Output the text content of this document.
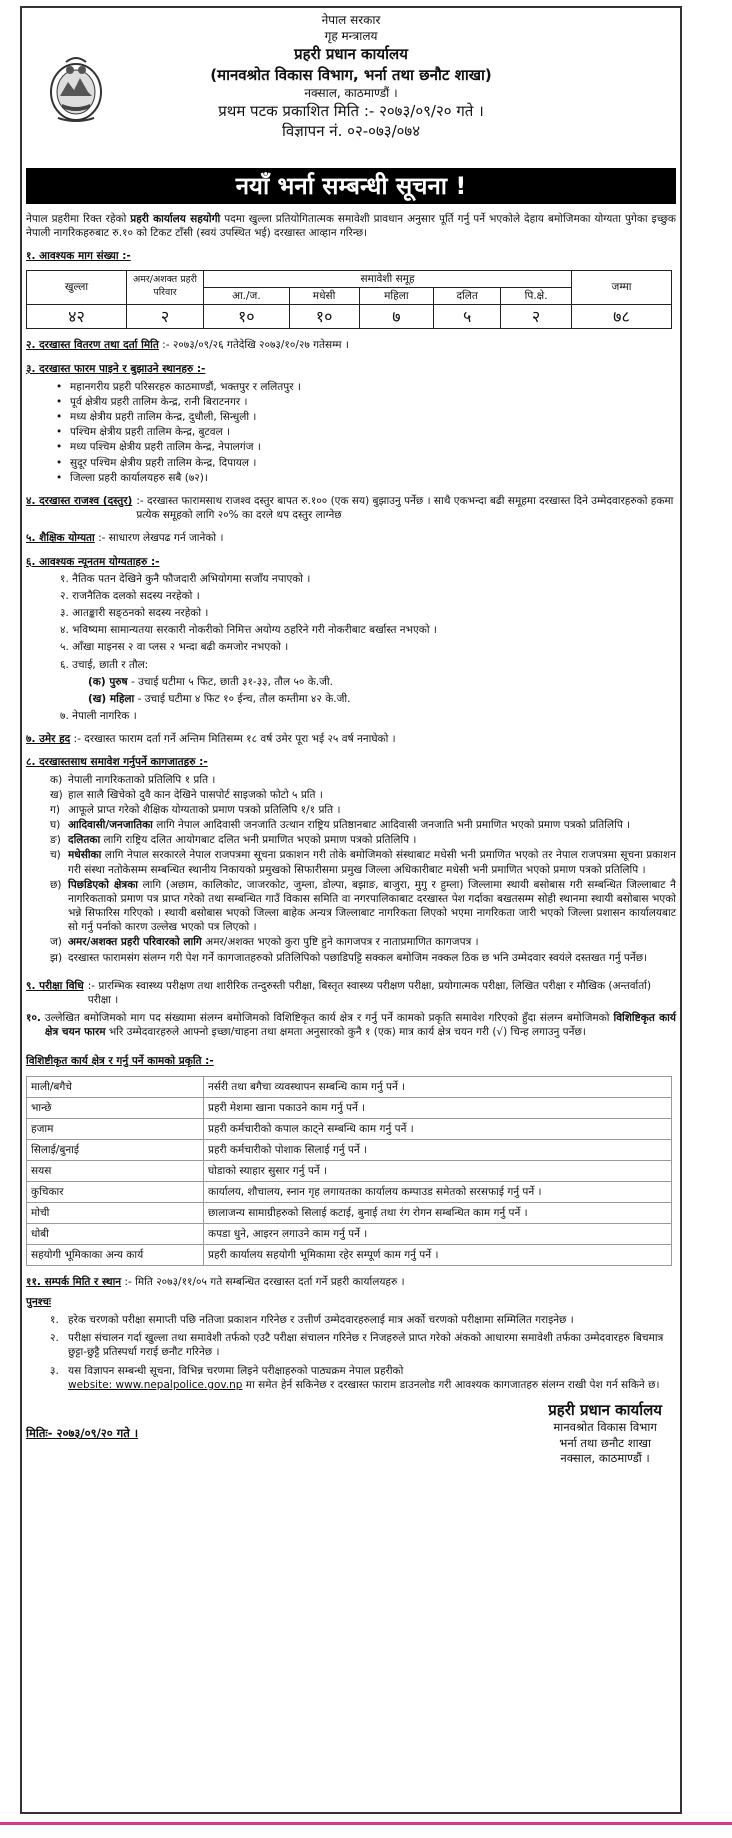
नेपाल सरकार
गृह मन्त्रालय
प्रहरी प्रधान कार्यालय
(मानवश्रोत विकास विभाग, भर्ना तथा छनौट शाखा)
नक्साल, काठमाण्डौं ।
प्रथम पटक प्रकाशित मिति :- २०७३/०९/२० गते ।
विज्ञापन नं. ०२-०७३/०७४
नयाँ भर्ना सम्बन्धी सूचना !
नेपाल प्रहरीमा रिक्त रहेको प्रहरी कार्यालय सहयोगी पदमा खुल्ला प्रतियोगितात्मक समावेशी प्रावधान अनुसार पूर्ति गर्नु पर्ने भएकोले देहाय बमोजिमका योग्यता पुगेका इच्छुक नेपाली नागरिकहरुबाट रु.१० को टिकट टाँसी (स्वयं उपस्थित भई) दरखास्त आव्हान गरिन्छ।
१. आवश्यक माग संख्या :-
खुल्ला	अमर/अशक्त प्रहरी परिवार	समावेशी समूह					जम्मा
		आ./ज.	मधेसी	महिला	दलित	पि.क्षे.	
४२	२	१०	१०	७	५	२	७८
२. दरखास्त वितरण तथा दर्ता मिति :- २०७३/०९/२६ गतेदेखि २०७३/१०/२७ गतेसम्म ।
३. दरखास्त फारम पाइने र बुझाउने स्थानहरु :-
• महानगरीय प्रहरी परिसरहरु काठमाण्डौं, भक्तपुर र ललितपुर ।
• पूर्व क्षेत्रीय प्रहरी तालिम केन्द्र, रानी बिराटनगर ।
• मध्य क्षेत्रीय प्रहरी तालिम केन्द्र, दुधौली, सिन्धुली ।
• पश्चिम क्षेत्रीय प्रहरी तालिम केन्द्र, बुटवल ।
• मध्य पश्चिम क्षेत्रीय प्रहरी तालिम केन्द्र, नेपालगंज ।
• सुदूर पश्चिम क्षेत्रीय प्रहरी तालिम केन्द्र, दिपायल ।
• जिल्ला प्रहरी कार्यालयहरु सबै (७२)।
४. दरखास्त राजश्व (दस्तुर) :- दरखास्त फारामसाथ राजश्व दस्तुर बापत रु.१०० (एक सय) बुझाउनु पर्नेछ । साथै एकभन्दा बढी समूहमा दरखास्त दिने उम्मेदवारहरुको हकमा प्रत्येक समूहको लागि २०% का दरले थप दस्तुर लाग्नेछ
५. शैक्षिक योग्यता :- साधारण लेखपढ गर्न जानेको ।
६. आवश्यक न्यूनतम योग्यताहरु :-
१. नैतिक पतन देखिने कुनै फौजदारी अभियोगमा सजाँय नपाएको ।
२. राजनैतिक दलको सदस्य नरहेको ।
३. आतङ्कारी सङ्ठनको सदस्य नरहेको ।
४. भविष्यमा सामान्यतया सरकारी नोकरीको निमित्त अयोग्य ठहरिने गरी नोकरीबाट बर्खास्त नभएको ।
५. आँखा माइनस २ वा प्लस २ भन्दा बढी कमजोर नभएको ।
६. उचाई, छाती र तौल:
(क) पुरुष - उचाई घटीमा ५ फिट, छाती ३१-३३, तौल ५० के.जी.
(ख) महिला - उचाई घटीमा ४ फिट १० ईन्च, तौल कम्तीमा ४२ के.जी.
७. नेपाली नागरिक ।
७. उमेर हद :- दरखास्त फाराम दर्ता गर्ने अन्तिम मितिसम्म १८ वर्ष उमेर पूरा भई २५ वर्ष ननाघेको ।
८. दरखास्तसाथ समावेश गर्नुपर्ने कागजातहरु :-
क) नेपाली नागरिकताको प्रतिलिपि १ प्रति ।
ख) हाल सालै खिचेको दुवै कान देखिने पासपोर्ट साइजको फोटो ५ प्रति ।
ग) आफूले प्राप्त गरेको शैक्षिक योग्यताको प्रमाण पत्रको प्रतिलिपि १/१ प्रति ।
घ) आदिवासी/जनजातिका लागि नेपाल आदिवासी जनजाति उत्थान राष्ट्रिय प्रतिष्ठानबाट आदिवासी जनजाति भनी प्रमाणित भएको प्रमाण पत्रको प्रतिलिपि ।
ङ) दलितका लागि राष्ट्रिय दलित आयोगबाट दलित भनी प्रमाणित भएको प्रमाण पत्रको प्रतिलिपि ।
च) मधेसीका लागि नेपाल सरकारले नेपाल राजपत्रमा सूचना प्रकाशन गरी तोके बमोजिमको संस्थाबाट मधेसी भनी प्रमाणित भएको तर नेपाल राजपत्रमा सूचना प्रकाशन गरी संस्था नतोकेसम्म सम्बन्धित स्थानीय निकायको प्रमुखको सिफारीसमा प्रमुख जिल्ला अधिकारीबाट मधेसी भनी प्रमाणित भएको प्रमाण पत्रको प्रतिलिपि ।
छ) पिछडिएको क्षेत्रका लागि (अछाम, कालिकोट, जाजरकोट, जुम्ला, डोल्पा, बझाङ, बाजुरा, मुगु र हुम्ला) जिल्लामा स्थायी बसोबास गरी सम्बन्धित जिल्लाबाट नै नागरिकताको प्रमाण पत्र प्राप्त गरेको तथा सम्बन्धित गाउँ विकास समिति वा नगरपालिकाबाट दरखास्त पेश गर्दाका बखतसम्म सोही स्थानमा स्थायी बसोबास भएको भन्ने सिफारिस गरिएको । स्थायी बसोबास भएको जिल्ला बाहेक अन्यत्र जिल्लाबाट नागरिकता लिएको भएमा नागरिकता जारी भएको जिल्ला प्रशासन कार्यालयबाट सो गर्नु पर्नाको कारण उल्लेख भएको पत्र लिएको ।
ज) अमर/अशक्त प्रहरी परिवारको लागि अमर/अशक्त भएको कुरा पुष्टि हुने कागजपत्र र नाताप्रमाणित कागजपत्र ।
झ) दरखास्त फारामसंग संलग्न गरी पेश गर्ने कागजातहरुको प्रतिलिपिको पछाडिपट्टि सक्कल बमोजिम नक्कल ठिक छ भनि उम्मेदवार स्वयंले दस्तखत गर्नु पर्नेछ।
९. परीक्षा विधि :- प्रारम्भिक स्वास्थ्य परीक्षण तथा शारीरिक तन्दुरुस्ती परीक्षा, बिस्तृत स्वास्थ्य परीक्षण परीक्षा, प्रयोगात्मक परीक्षा, लिखित परीक्षा र मौखिक (अन्तर्वार्ता) परीक्षा ।
१०. उल्लेखित बमोजिमको माग पद संख्यामा संलग्न बमोजिमको विशिष्टिकृत कार्य क्षेत्र र गर्नु पर्ने कामको प्रकृति समावेश गरिएको हुँदा संलग्न बमोजिमको विशिष्टिकृत कार्य क्षेत्र चयन फारम भरि उम्मेदवारहरुले आफ्नो इच्छा/चाहना तथा क्षमता अनुसारको कुनै १ (एक) मात्र कार्य क्षेत्र चयन गरी (√) चिन्ह लगाउनु पर्नेछ।
विशिष्टीकृत कार्य क्षेत्र र गर्नु पर्ने कामको प्रकृति :-
माली/बगैचे	नर्सरी तथा बगैचा व्यवस्थापन सम्बन्धि काम गर्नु पर्ने ।
भान्छे	प्रहरी मेशमा खाना पकाउने काम गर्नु पर्ने ।
हजाम	प्रहरी कर्मचारीको कपाल काट्ने सम्बन्धि काम गर्नु पर्ने ।
सिलाई/बुनाई	प्रहरी कर्मचारीको पोशाक सिलाई गर्नु पर्ने ।
सयस	घोडाको स्याहार सुसार गर्नु पर्ने ।
कुचिकार	कार्यालय, शौचालय, स्नान गृह लगायतका कार्यालय कम्पाउड समेतको सरसफाई गर्नु पर्ने ।
मोची	छालाजन्य सामाग्रीहरुको सिलाई कटाई, बुनाई तथा रंग रोगन सम्बन्धित काम गर्नु पर्ने ।
धोबी	कपडा धुने, आइरन लगाउने काम गर्नु पर्ने ।
सहयोगी भूमिकाका अन्य कार्य	प्रहरी कार्यालय सहयोगी भूमिकामा रहेर सम्पूर्ण काम गर्नु पर्ने ।
११. सम्पर्क मिति र स्थान :- मिति २०७३/११/०५ गते सम्बन्धित दरखास्त दर्ता गर्ने प्रहरी कार्यालयहरु ।
पुनश्चः
१. हरेक चरणको परीक्षा समाप्ती पछि नतिजा प्रकाशन गरिनेछ र उत्तीर्ण उम्मेदवारहरुलाई मात्र अर्को चरणको परीक्षामा सम्मिलित गराइनेछ ।
२. परीक्षा संचालन गर्दा खुल्ला तथा समावेशी तर्फको एउटै परीक्षा संचालन गरिनेछ र निजहरुले प्राप्त गरेको अंकको आधारमा समावेशी तर्फका उम्मेदवारहरु बिचमात्र छुट्टा-छुट्टै प्रतिस्पर्धा गराई छनौट गरिनेछ ।
३. यस विज्ञापन सम्बन्धी सूचना, विभिन्न चरणमा लिइने परीक्षाहरुको पाठ्यक्रम नेपाल प्रहरीको
website: www.nepalpolice.gov.np मा समेत हेर्न सकिनेछ र दरखास्त फाराम डाउनलोड गरी आवश्यक कागजातहरु संलग्न राखी पेश गर्न सकिने छ।
मितिः- २०७३/०९/२० गते ।
प्रहरी प्रधान कार्यालय
मानवश्रोत विकास विभाग
भर्ना तथा छनौट शाखा
नक्साल, काठमाण्डौं ।
